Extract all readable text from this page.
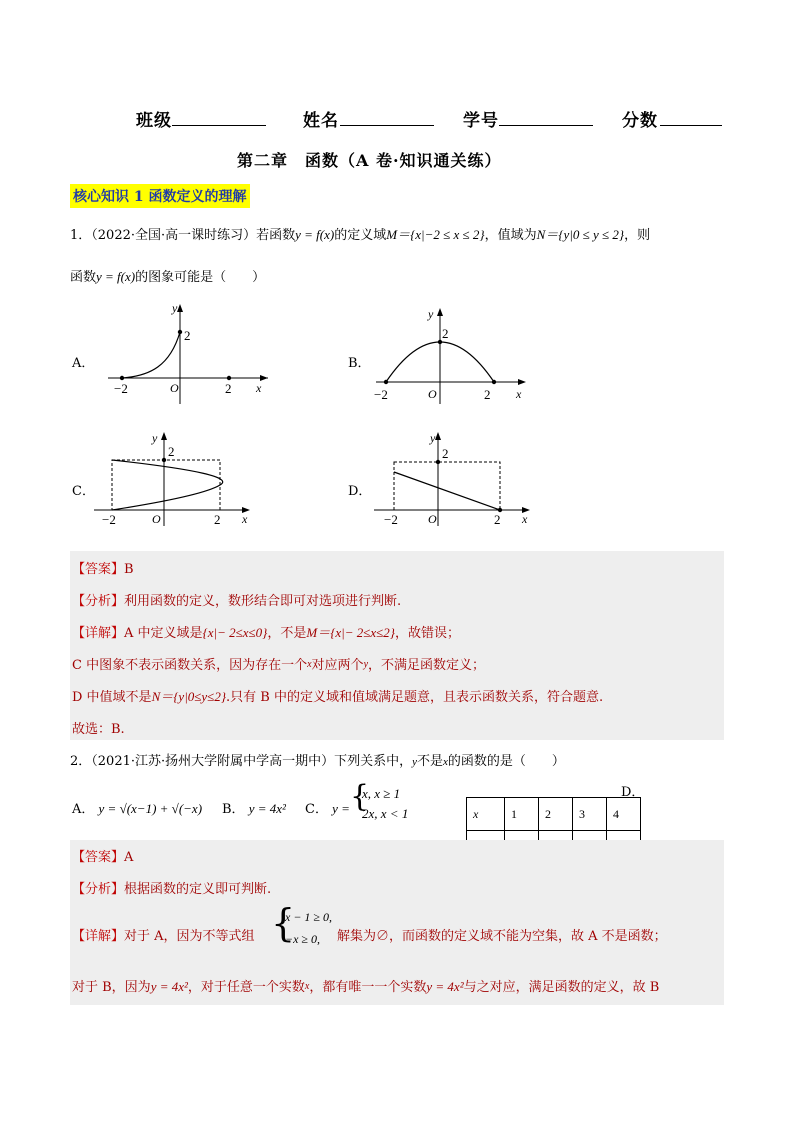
班级	姓名	学号	分数
第二章　函数（A 卷·知识通关练）
核心知识 1 函数定义的理解
1．（2022·全国·高一课时练习）若函数y = f(x)的定义域M＝{x|−2 ≤ x ≤ 2}，值域为N＝{y|0 ≤ y ≤ 2}，则
函数y = f(x)的图象可能是（　　）
A．	B．
C．	D．
y
x
2
O
−2	2
y
x
2
O
−2	2
y
x
2
O
−2	2
y
x
2
O
−2	2
【答案】B
【分析】利用函数的定义，数形结合即可对选项进行判断.
【详解】A 中定义域是{x|− 2≤x≤0}，不是M＝{x|− 2≤x≤2}，故错误；
C 中图象不表示函数关系，因为存在一个x对应两个y，不满足函数定义；
D 中值域不是N＝{y|0≤y≤2}.只有 B 中的定义域和值域满足题意，且表示函数关系，符合题意.
故选：B.
2．（2021·江苏·扬州大学附属中学高一期中）下列关系中，y不是x的函数的是（　　）
A． y = √(x−1) + √(−x) B． y = 4x² C． y = {
x, x ≥ 1
2x, x < 1
D．
x	1	2	3	4

【答案】A
【分析】根据函数的定义即可判断.
【详解】对于 A，因为不等式组 {
x − 1 ≥ 0,
−x ≥ 0, 解集为∅，而函数的定义域不能为空集，故 A 不是函数；
对于 B，因为y = 4x²，对于任意一个实数x，都有唯一一个实数y = 4x²与之对应，满足函数的定义，故 B
